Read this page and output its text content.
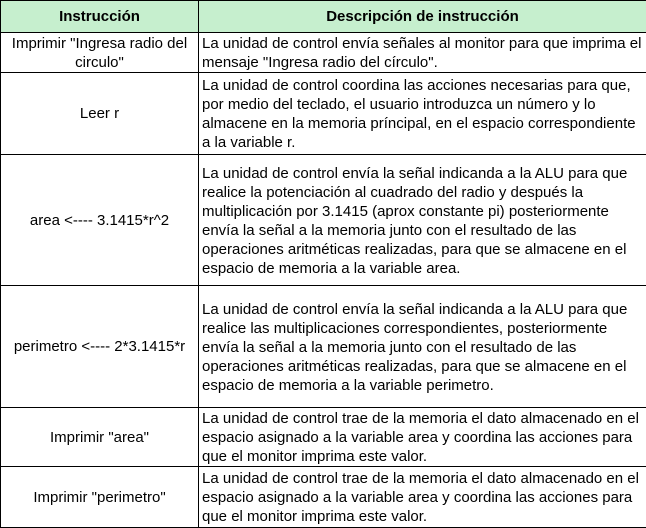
Instrucción	Descripción de instrucción
Imprimir "Ingresa radio del circulo"	La unidad de control envía señales al monitor para que imprima el mensaje "Ingresa radio del círculo".
Leer r	La unidad de control coordina las acciones necesarias para que, por medio del teclado, el usuario introduzca un número y lo almacene en la memoria príncipal, en el espacio correspondiente a la variable r.
area <---- 3.1415*r^2	La unidad de control envía la señal indicanda a la ALU para que realice la potenciación al cuadrado del radio y después la multiplicación por 3.1415 (aprox constante pi) posteriormente envía la señal a la memoria junto con el resultado de las operaciones aritméticas realizadas, para que se almacene en el espacio de memoria a la variable area.
perimetro <---- 2*3.1415*r	La unidad de control envía la señal indicanda a la ALU para que realice las multiplicaciones correspondientes, posteriormente envía la señal a la memoria junto con el resultado de las operaciones aritméticas realizadas, para que se almacene en el espacio de memoria a la variable perimetro.
Imprimir "area"	La unidad de control trae de la memoria el dato almacenado en el espacio asignado a la variable area y coordina las acciones para que el monitor imprima este valor.
Imprimir "perimetro"	La unidad de control trae de la memoria el dato almacenado en el espacio asignado a la variable area y coordina las acciones para que el monitor imprima este valor.
